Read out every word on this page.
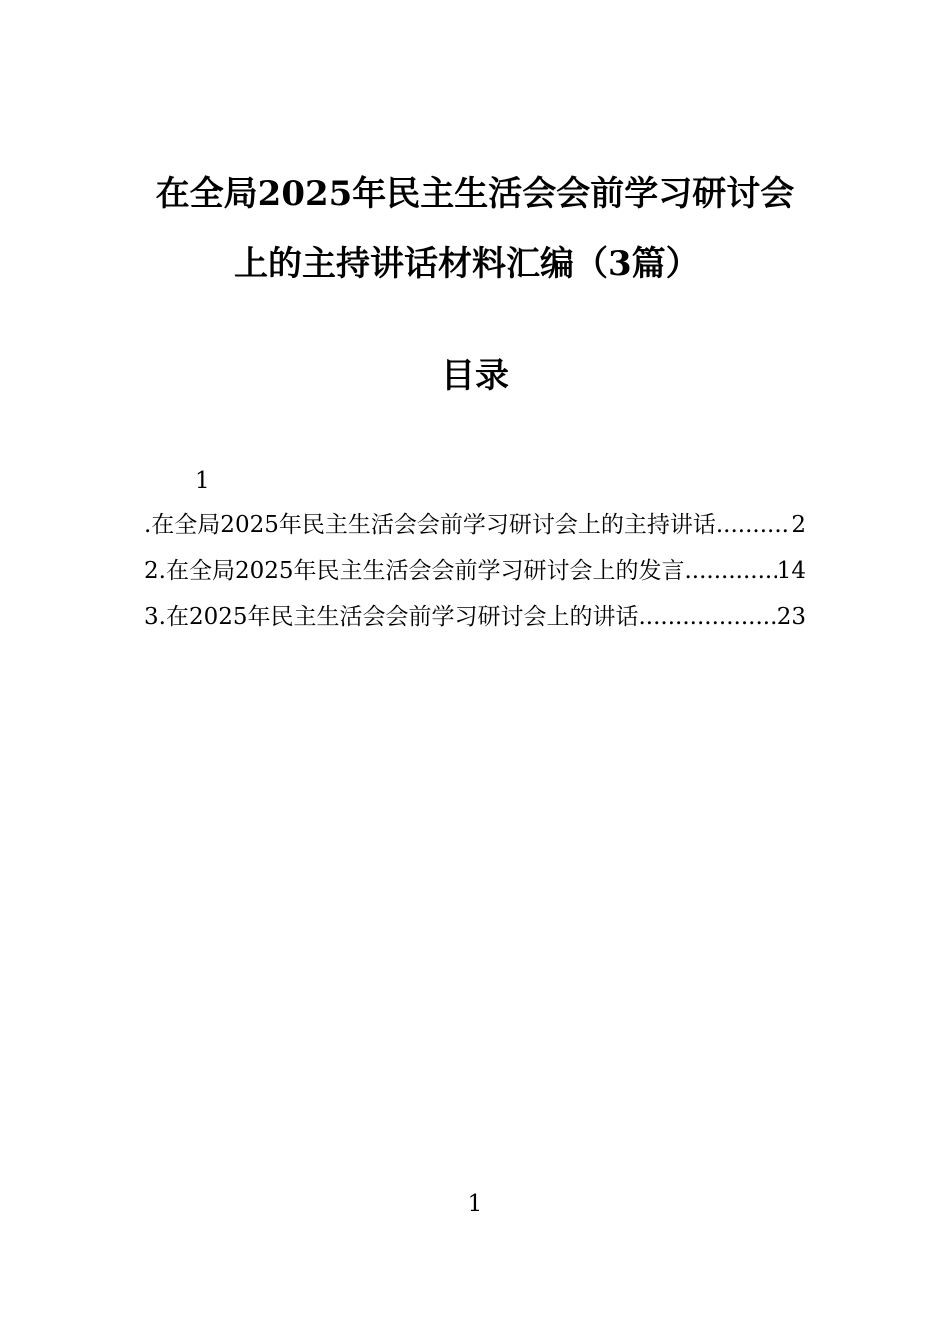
在全局2025年民主生活会会前学习研讨会
上的主持讲话材料汇编（3篇）
目录
1
.在全局2025年民主生活会会前学习研讨会上的主持讲话 .....	2
2.在全局2025年民主生活会会前学习研讨会上的发言 .....	14
3.在2025年民主生活会会前学习研讨会上的讲话 .....	23
1
